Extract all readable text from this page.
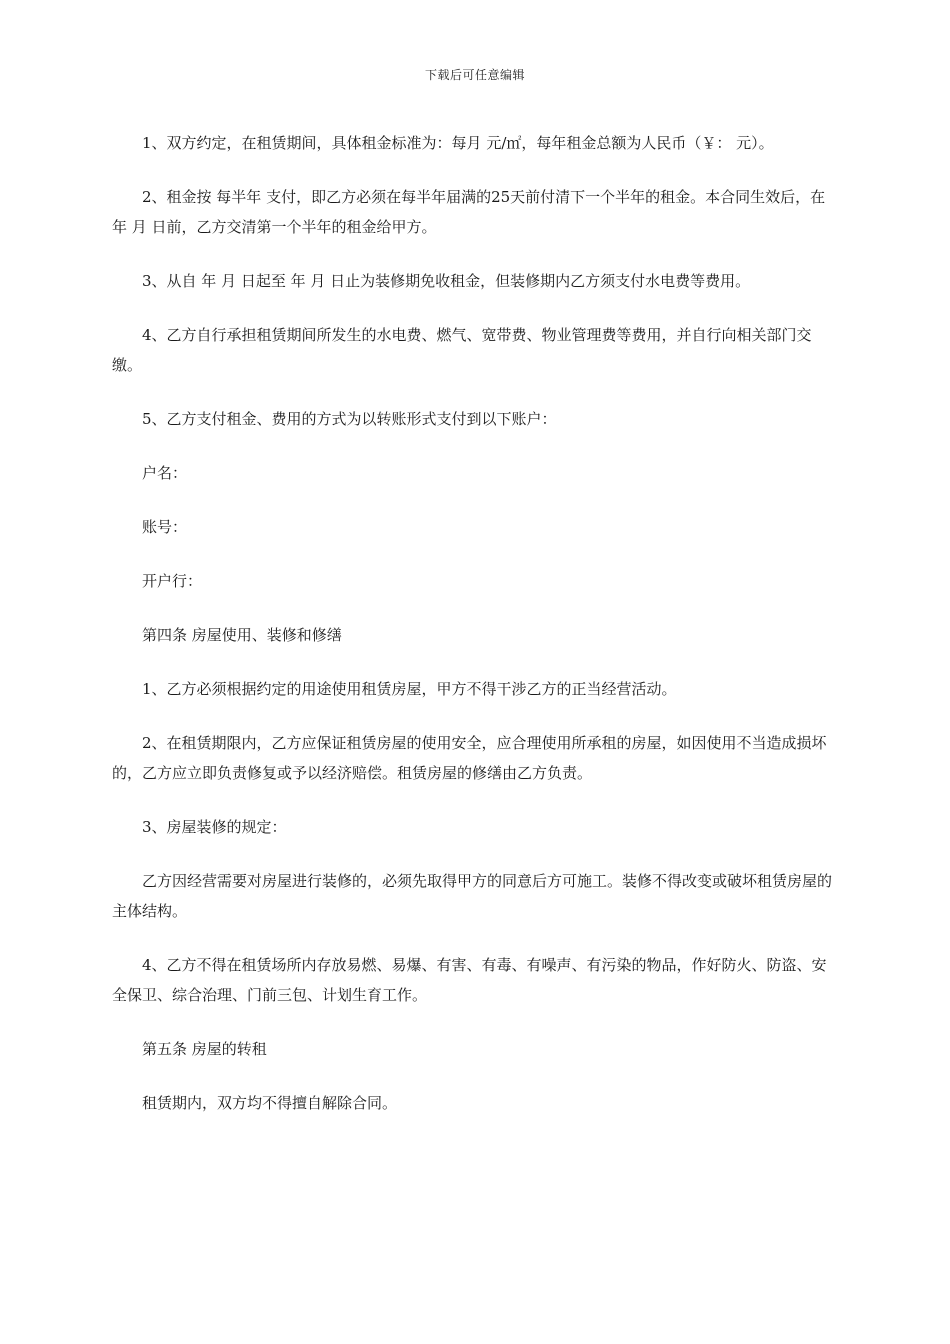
下载后可任意编辑

1、双方约定，在租赁期间，具体租金标准为：每月 元/㎡，每年租金总额为人民币（￥： 元）。

2、租金按 每半年 支付，即乙方必须在每半年届满的25天前付清下一个半年的租金。本合同生效后，在 年 月 日前，乙方交清第一个半年的租金给甲方。

3、从自 年 月 日起至 年 月 日止为装修期免收租金，但装修期内乙方须支付水电费等费用。

4、乙方自行承担租赁期间所发生的水电费、燃气、宽带费、物业管理费等费用，并自行向相关部门交缴。

5、乙方支付租金、费用的方式为以转账形式支付到以下账户：

户名：

账号：

开户行：

第四条 房屋使用、装修和修缮

1、乙方必须根据约定的用途使用租赁房屋，甲方不得干涉乙方的正当经营活动。

2、在租赁期限内，乙方应保证租赁房屋的使用安全，应合理使用所承租的房屋，如因使用不当造成损坏的，乙方应立即负责修复或予以经济赔偿。租赁房屋的修缮由乙方负责。

3、房屋装修的规定：

乙方因经营需要对房屋进行装修的，必须先取得甲方的同意后方可施工。装修不得改变或破坏租赁房屋的主体结构。

4、乙方不得在租赁场所内存放易燃、易爆、有害、有毒、有噪声、有污染的物品，作好防火、防盗、安全保卫、综合治理、门前三包、计划生育工作。

第五条 房屋的转租

租赁期内，双方均不得擅自解除合同。
